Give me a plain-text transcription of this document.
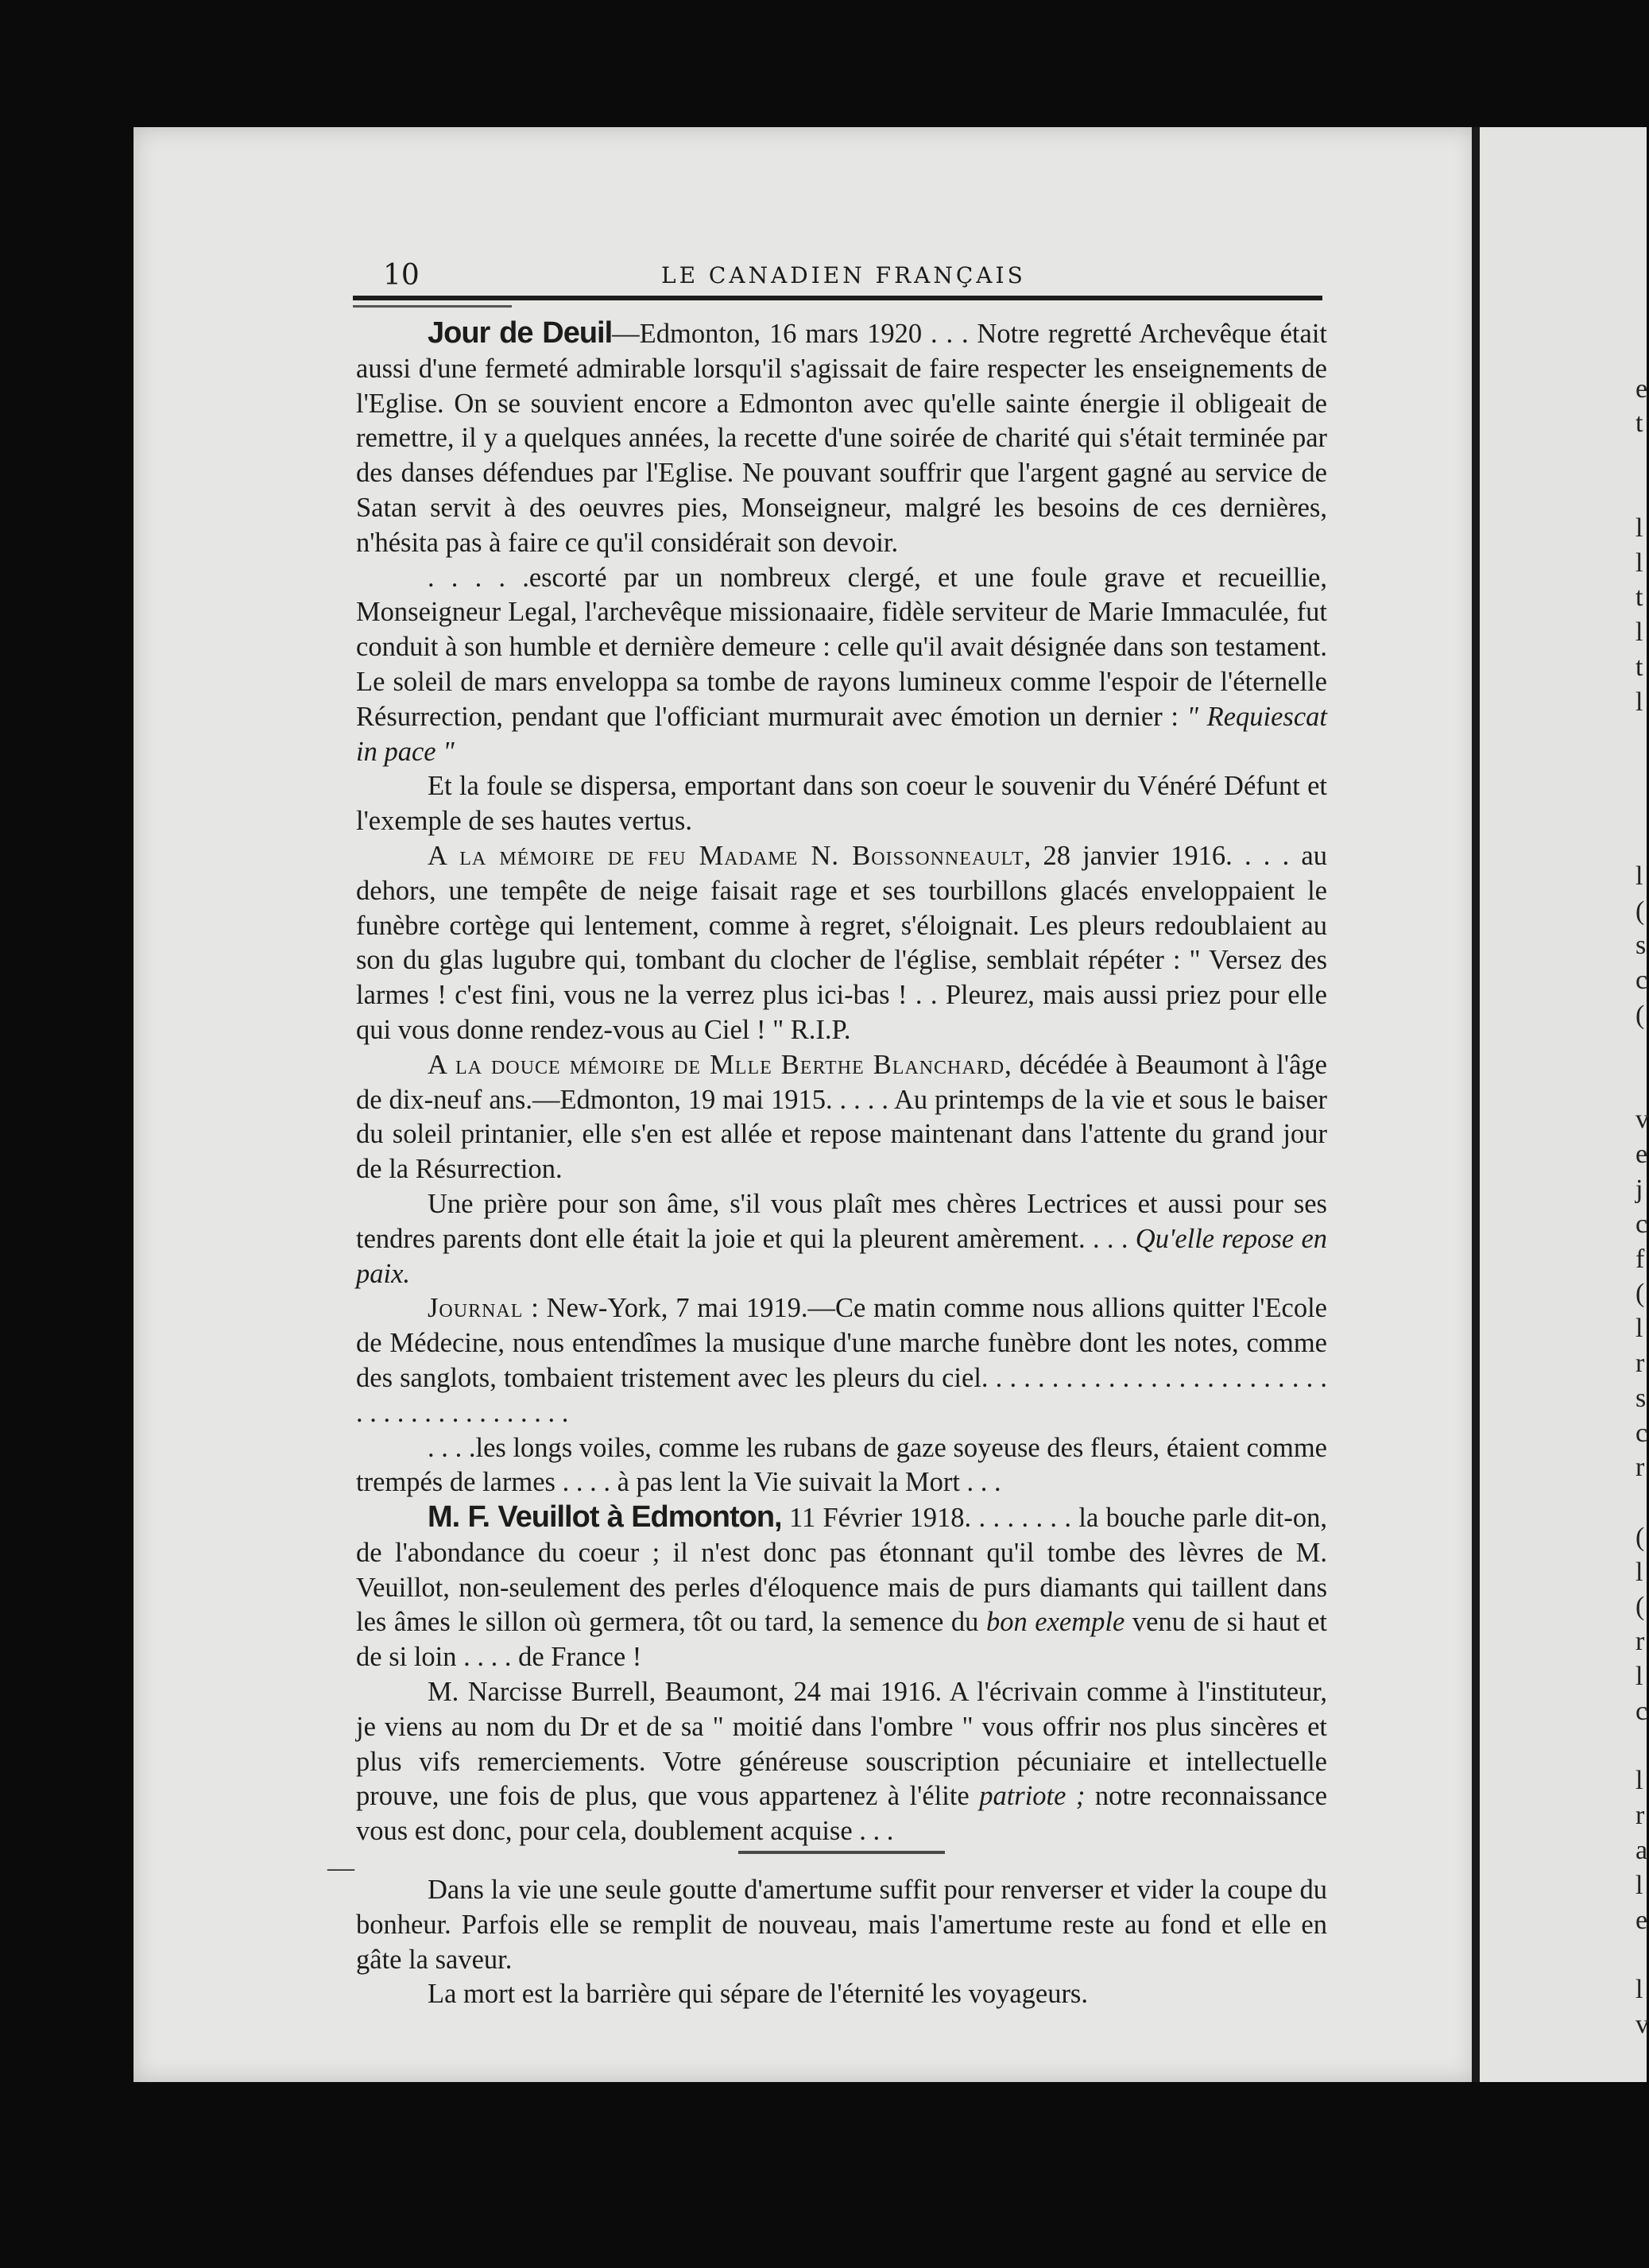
10	LE CANADIEN FRANÇAIS

Jour de Deuil—Edmonton, 16 mars 1920 . . . Notre regretté Archevêque était aussi d'une fermeté admirable lorsqu'il s'agissait de faire respecter les enseignements de l'Eglise. On se souvient encore a Edmonton avec qu'elle sainte énergie il obligeait de remettre, il y a quelques années, la recette d'une soirée de charité qui s'était terminée par des danses défendues par l'Eglise. Ne pouvant souffrir que l'argent gagné au service de Satan servit à des oeuvres pies, Monseigneur, malgré les besoins de ces dernières, n'hésita pas à faire ce qu'il considérait son devoir.

. . . . .escorté par un nombreux clergé, et une foule grave et recueillie, Monseigneur Legal, l'archevêque missionaaire, fidèle serviteur de Marie Immaculée, fut conduit à son humble et dernière demeure : celle qu'il avait désignée dans son testament. Le soleil de mars enveloppa sa tombe de rayons lumineux comme l'espoir de l'éternelle Résurrection, pendant que l'officiant murmurait avec émotion un dernier : " Requiescat in pace "

Et la foule se dispersa, emportant dans son coeur le souvenir du Vénéré Défunt et l'exemple de ses hautes vertus.

A la mémoire de feu Madame N. Boissonneault, 28 janvier 1916. . . . au dehors, une tempête de neige faisait rage et ses tourbillons glacés enveloppaient le funèbre cortège qui lentement, comme à regret, s'éloignait. Les pleurs redoublaient au son du glas lugubre qui, tombant du clocher de l'église, semblait répéter : " Versez des larmes ! c'est fini, vous ne la verrez plus ici-bas ! . . Pleurez, mais aussi priez pour elle qui vous donne rendez-vous au Ciel ! " R.I.P.

A la douce mémoire de Mlle Berthe Blanchard, décédée à Beaumont à l'âge de dix-neuf ans.—Edmonton, 19 mai 1915. . . . . Au printemps de la vie et sous le baiser du soleil printanier, elle s'en est allée et repose maintenant dans l'attente du grand jour de la Résurrection.

Une prière pour son âme, s'il vous plaît mes chères Lectrices et aussi pour ses tendres parents dont elle était la joie et qui la pleurent amèrement. . . . Qu'elle repose en paix.

Journal : New-York, 7 mai 1919.—Ce matin comme nous allions quitter l'Ecole de Médecine, nous entendîmes la musique d'une marche funèbre dont les notes, comme des sanglots, tombaient tristement avec les pleurs du ciel. . . . . . . . . . . . . . . . . . . . . . . . . . . . . . . . . . . . . . . . .

. . . .les longs voiles, comme les rubans de gaze soyeuse des fleurs, étaient comme trempés de larmes . . . . à pas lent la Vie suivait la Mort . . .

M. F. Veuillot à Edmonton, 11 Février 1918. . . . . . . . la bouche parle dit-on, de l'abondance du coeur ; il n'est donc pas étonnant qu'il tombe des lèvres de M. Veuillot, non-seulement des perles d'éloquence mais de purs diamants qui taillent dans les âmes le sillon où germera, tôt ou tard, la semence du bon exemple venu de si haut et de si loin . . . . de France !

M. Narcisse Burrell, Beaumont, 24 mai 1916. A l'écrivain comme à l'instituteur, je viens au nom du Dr et de sa " moitié dans l'ombre " vous offrir nos plus sincères et plus vifs remerciements. Votre généreuse souscription pécuniaire et intellectuelle prouve, une fois de plus, que vous appartenez à l'élite patriote ; notre reconnaissance vous est donc, pour cela, doublement acquise . . .

Dans la vie une seule goutte d'amertume suffit pour renverser et vider la coupe du bonheur. Parfois elle se remplit de nouveau, mais l'amertume reste au fond et elle en gâte la saveur.

La mort est la barrière qui sépare de l'éternité les voyageurs.

—
e
t
l
l
t
l
t
l
l
(
s
c
(
v
e
j
c
f
(
l
r
s
c
r
(
l
(
r
l
c
l
r
a
l
e
l
v
